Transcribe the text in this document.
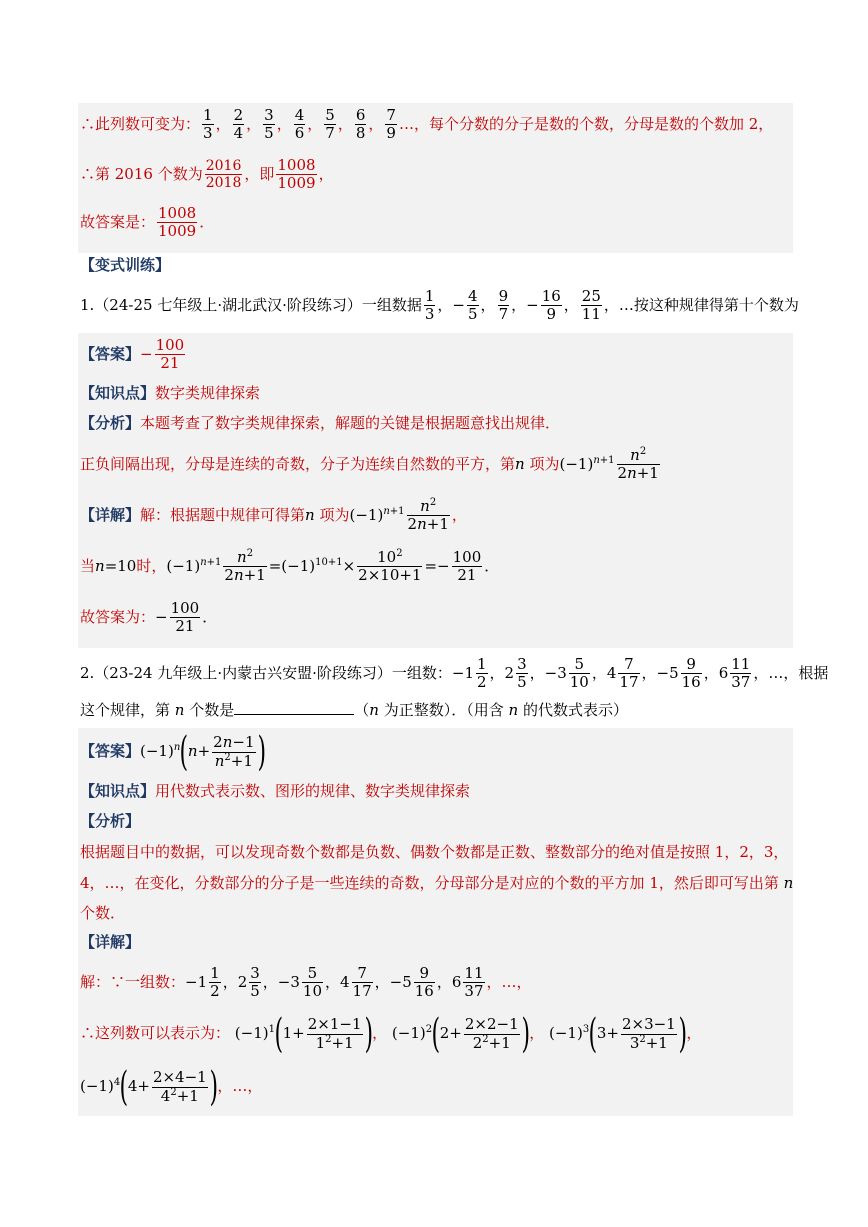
∴此列数可变为： $\frac{1}{3}$ ， $\frac{2}{4}$ ， $\frac{3}{5}$ ， $\frac{4}{6}$ ， $\frac{5}{7}$ ， $\frac{6}{8}$ ， $\frac{7}{9}$ …，每个分数的分子是数的个数，分母是数的个数加 2，
∴第 2016 个数为 $\frac{2016}{2018}$ ，即 $\frac{1008}{1009}$ ，
故答案是： $\frac{1008}{1009}$ ．
【变式训练】
1.（24-25 七年级上·湖北武汉·阶段练习）一组数据 $\frac{1}{3}$ ，− $\frac{4}{5}$ ， $\frac{9}{7}$ ，− $\frac{16}{9}$ ， $\frac{25}{11}$ ，…按这种规律得第十个数为
【答案】− $\frac{100}{21}$
【知识点】数字类规律探索
【分析】本题考查了数字类规律探索，解题的关键是根据题意找出规律．
正负间隔出现，分母是连续的奇数，分子为连续自然数的平方，第n 项为$(-1)^{n+1} \frac{n^2}{2n+1}$
【详解】解：根据题中规律可得第n 项为$(-1)^{n+1} \frac{n^2}{2n+1}$ ，
当n=10时，$(-1)^{n+1} \frac{n^2}{2n+1} =(-1)^{10+1}\times \frac{10^2}{2\times 10+1} =- \frac{100}{21}$ ．
故答案为：− $\frac{100}{21}$ ．
2.（23-24 九年级上·内蒙古兴安盟·阶段练习）一组数：$-1 \frac{1}{2}$ ，$2 \frac{3}{5}$ ，$-3 \frac{5}{10}$ ，$4 \frac{7}{17}$ ，$-5 \frac{9}{16}$ ，$6 \frac{11}{37}$ ，…，根据
这个规律，第 n 个数是	（n 为正整数）．（用含 n 的代数式表示）
【答案】$(-1)^n(n+ \frac{2n-1}{n^2+1}$ )
【知识点】用代数式表示数、图形的规律、数字类规律探索
【分析】
根据题目中的数据，可以发现奇数个数都是负数、偶数个数都是正数、整数部分的绝对值是按照 1，2，3，
4，…，在变化，分数部分的分子是一些连续的奇数，分母部分是对应的个数的平方加 1，然后即可写出第 n
个数．
【详解】
解：∵一组数：$-1 \frac{1}{2}$ ，$2 \frac{3}{5}$ ，$-3 \frac{5}{10}$ ，$4 \frac{7}{17}$ ，$-5 \frac{9}{16}$ ，$6 \frac{11}{37}$ ，…，
∴这列数可以表示为： $(-1)^1(1+ \frac{2\times 1-1}{1^2+1}$ )， $(-1)^2(2+ \frac{2\times 2-1}{2^2+1}$ )， $(-1)^3(3+ \frac{2\times 3-1}{3^2+1}$ )，
$(-1)^4(4+ \frac{2\times 4-1}{4^2+1}$ )，…，
